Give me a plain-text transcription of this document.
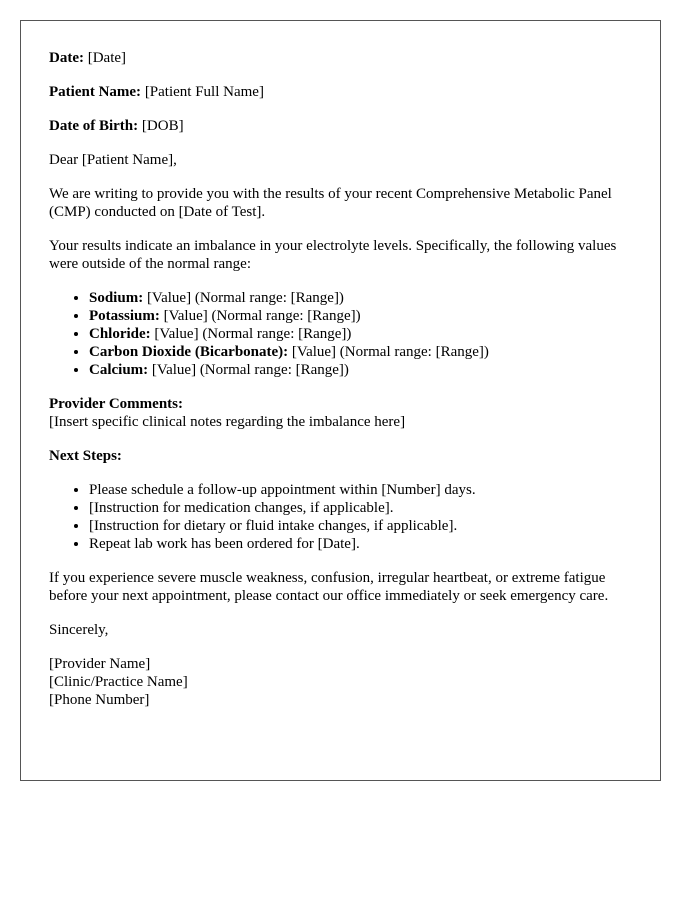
Date: [Date]

Patient Name: [Patient Full Name]

Date of Birth: [DOB]

Dear [Patient Name],

We are writing to provide you with the results of your recent Comprehensive Metabolic Panel (CMP) conducted on [Date of Test].

Your results indicate an imbalance in your electrolyte levels. Specifically, the following values were outside of the normal range:

• Sodium: [Value] (Normal range: [Range])
• Potassium: [Value] (Normal range: [Range])
• Chloride: [Value] (Normal range: [Range])
• Carbon Dioxide (Bicarbonate): [Value] (Normal range: [Range])
• Calcium: [Value] (Normal range: [Range])

Provider Comments:
[Insert specific clinical notes regarding the imbalance here]

Next Steps:

• Please schedule a follow-up appointment within [Number] days.
• [Instruction for medication changes, if applicable].
• [Instruction for dietary or fluid intake changes, if applicable].
• Repeat lab work has been ordered for [Date].

If you experience severe muscle weakness, confusion, irregular heartbeat, or extreme fatigue before your next appointment, please contact our office immediately or seek emergency care.

Sincerely,

[Provider Name]
[Clinic/Practice Name]
[Phone Number]
